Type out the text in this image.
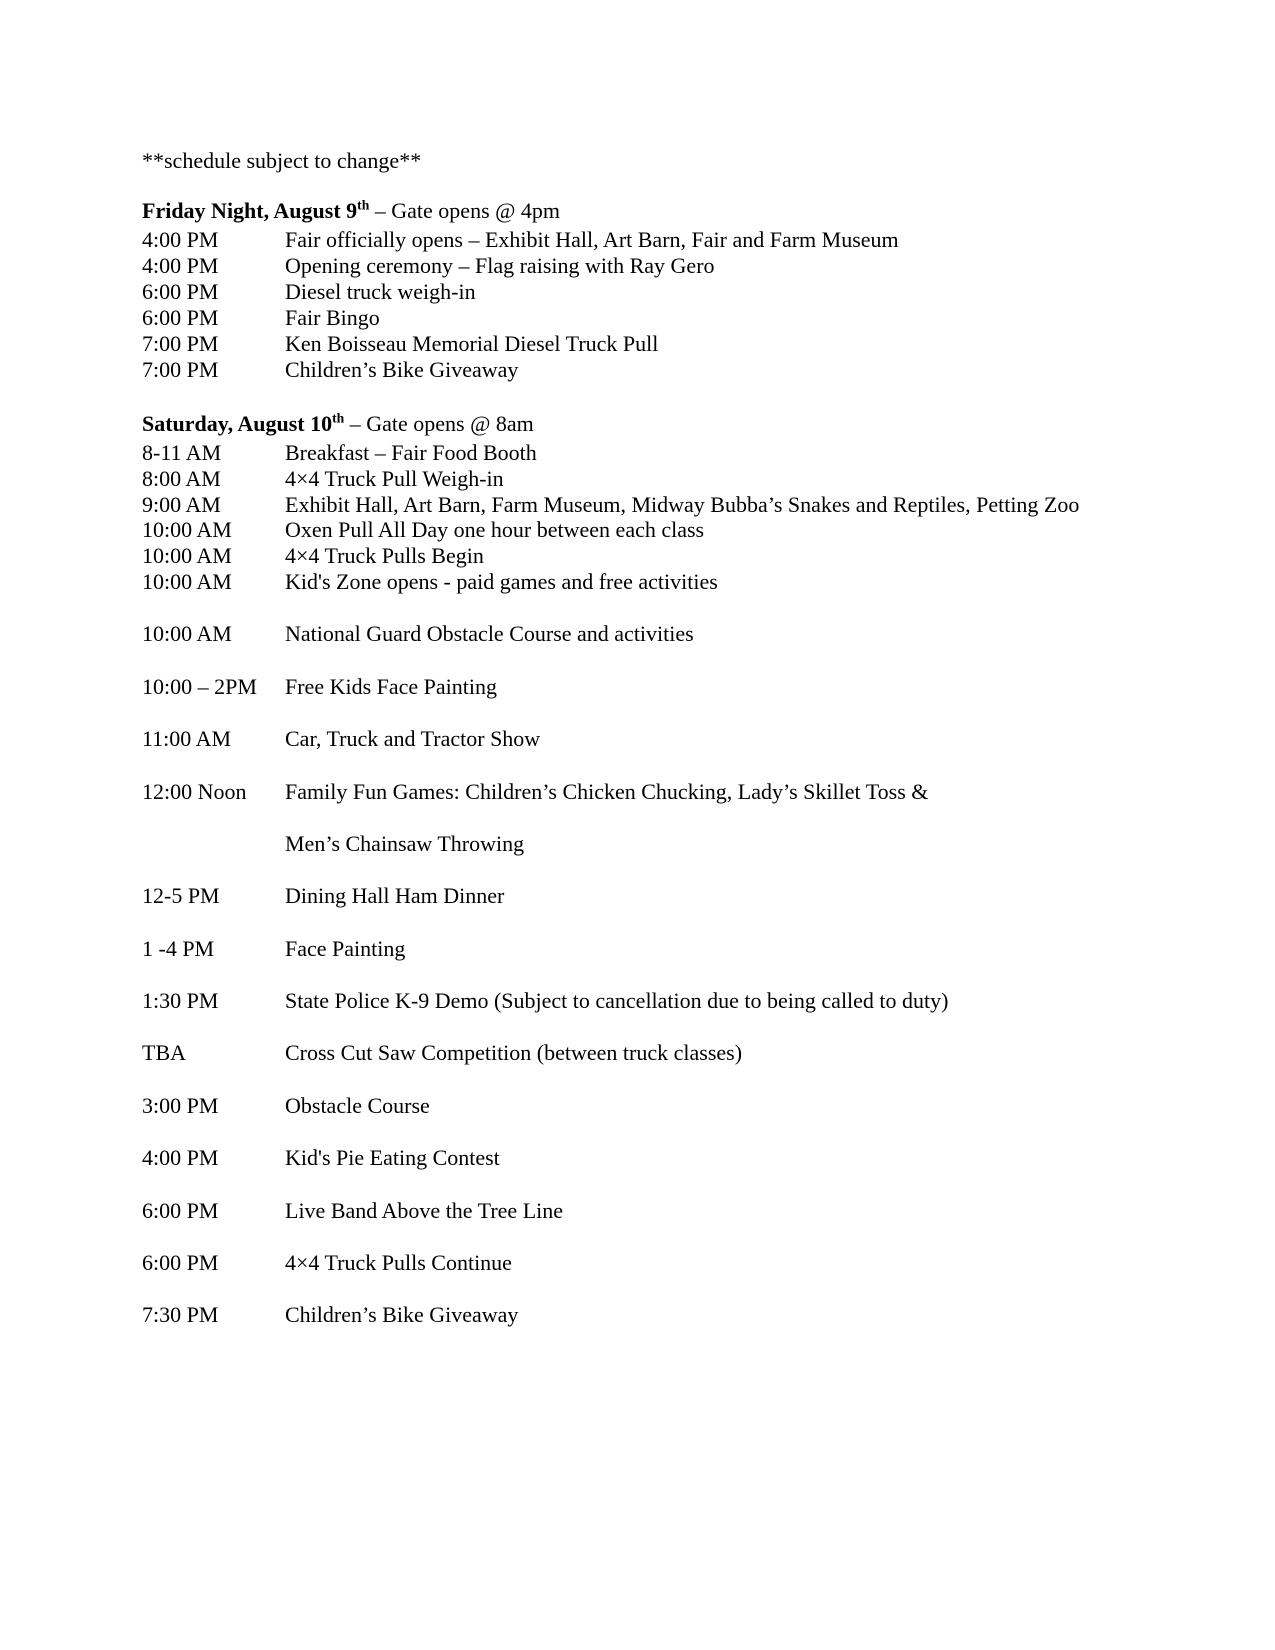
**schedule subject to change**

Friday Night, August 9th – Gate opens @ 4pm
4:00 PM	Fair officially opens – Exhibit Hall, Art Barn, Fair and Farm Museum
4:00 PM	Opening ceremony – Flag raising with Ray Gero
6:00 PM	Diesel truck weigh-in
6:00 PM	Fair Bingo
7:00 PM	Ken Boisseau Memorial Diesel Truck Pull
7:00 PM	Children’s Bike Giveaway
Saturday, August 10th – Gate opens @ 8am
8-11 AM	Breakfast – Fair Food Booth
8:00 AM	4×4 Truck Pull Weigh-in
9:00 AM	Exhibit Hall, Art Barn, Farm Museum, Midway Bubba’s Snakes and Reptiles, Petting Zoo
10:00 AM	Oxen Pull All Day one hour between each class
10:00 AM	4×4 Truck Pulls Begin
10:00 AM	Kid's Zone opens - paid games and free activities
10:00 AM	National Guard Obstacle Course and activities
10:00 – 2PM	Free Kids Face Painting
11:00 AM	Car, Truck and Tractor Show
12:00 Noon	Family Fun Games: Children’s Chicken Chucking, Lady’s Skillet Toss &
Men’s Chainsaw Throwing
12-5 PM	Dining Hall Ham Dinner
1 -4 PM	Face Painting
1:30 PM	State Police K-9 Demo (Subject to cancellation due to being called to duty)
TBA	Cross Cut Saw Competition (between truck classes)
3:00 PM	Obstacle Course
4:00 PM	Kid's Pie Eating Contest
6:00 PM	Live Band Above the Tree Line
6:00 PM	4×4 Truck Pulls Continue
7:30 PM	Children’s Bike Giveaway
